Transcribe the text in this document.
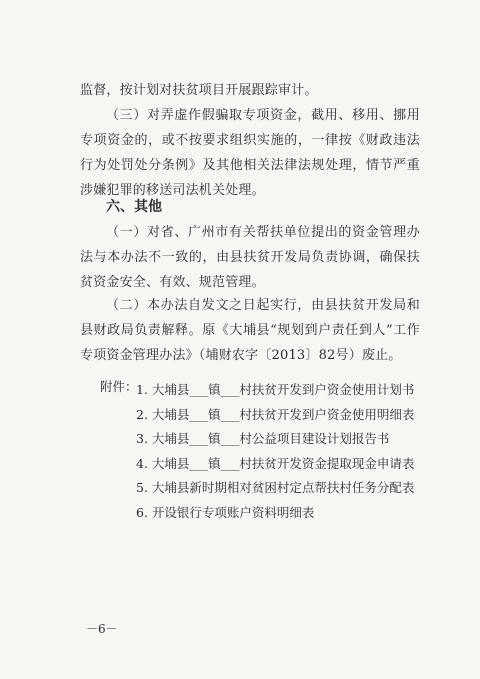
监督，按计划对扶贫项目开展跟踪审计。

（三）对弄虚作假骗取专项资金，截用、移用、挪用专项资金的，或不按要求组织实施的，一律按《财政违法行为处罚处分条例》及其他相关法律法规处理，情节严重涉嫌犯罪的移送司法机关处理。

六、其他

（一）对省、广州市有关帮扶单位提出的资金管理办法与本办法不一致的，由县扶贫开发局负责协调，确保扶贫资金安全、有效、规范管理。

（二）本办法自发文之日起实行，由县扶贫开发局和县财政局负责解释。原《大埔县“规划到户责任到人”工作专项资金管理办法》（埔财农字〔2013〕82号）废止。

附件：
1. 大埔县___镇___村扶贫开发到户资金使用计划书
2. 大埔县___镇___村扶贫开发到户资金使用明细表
3. 大埔县___镇___村公益项目建设计划报告书
4. 大埔县___镇___村扶贫开发资金提取现金申请表
5. 大埔县新时期相对贫困村定点帮扶村任务分配表
6. 开设银行专项账户资料明细表
－6－
